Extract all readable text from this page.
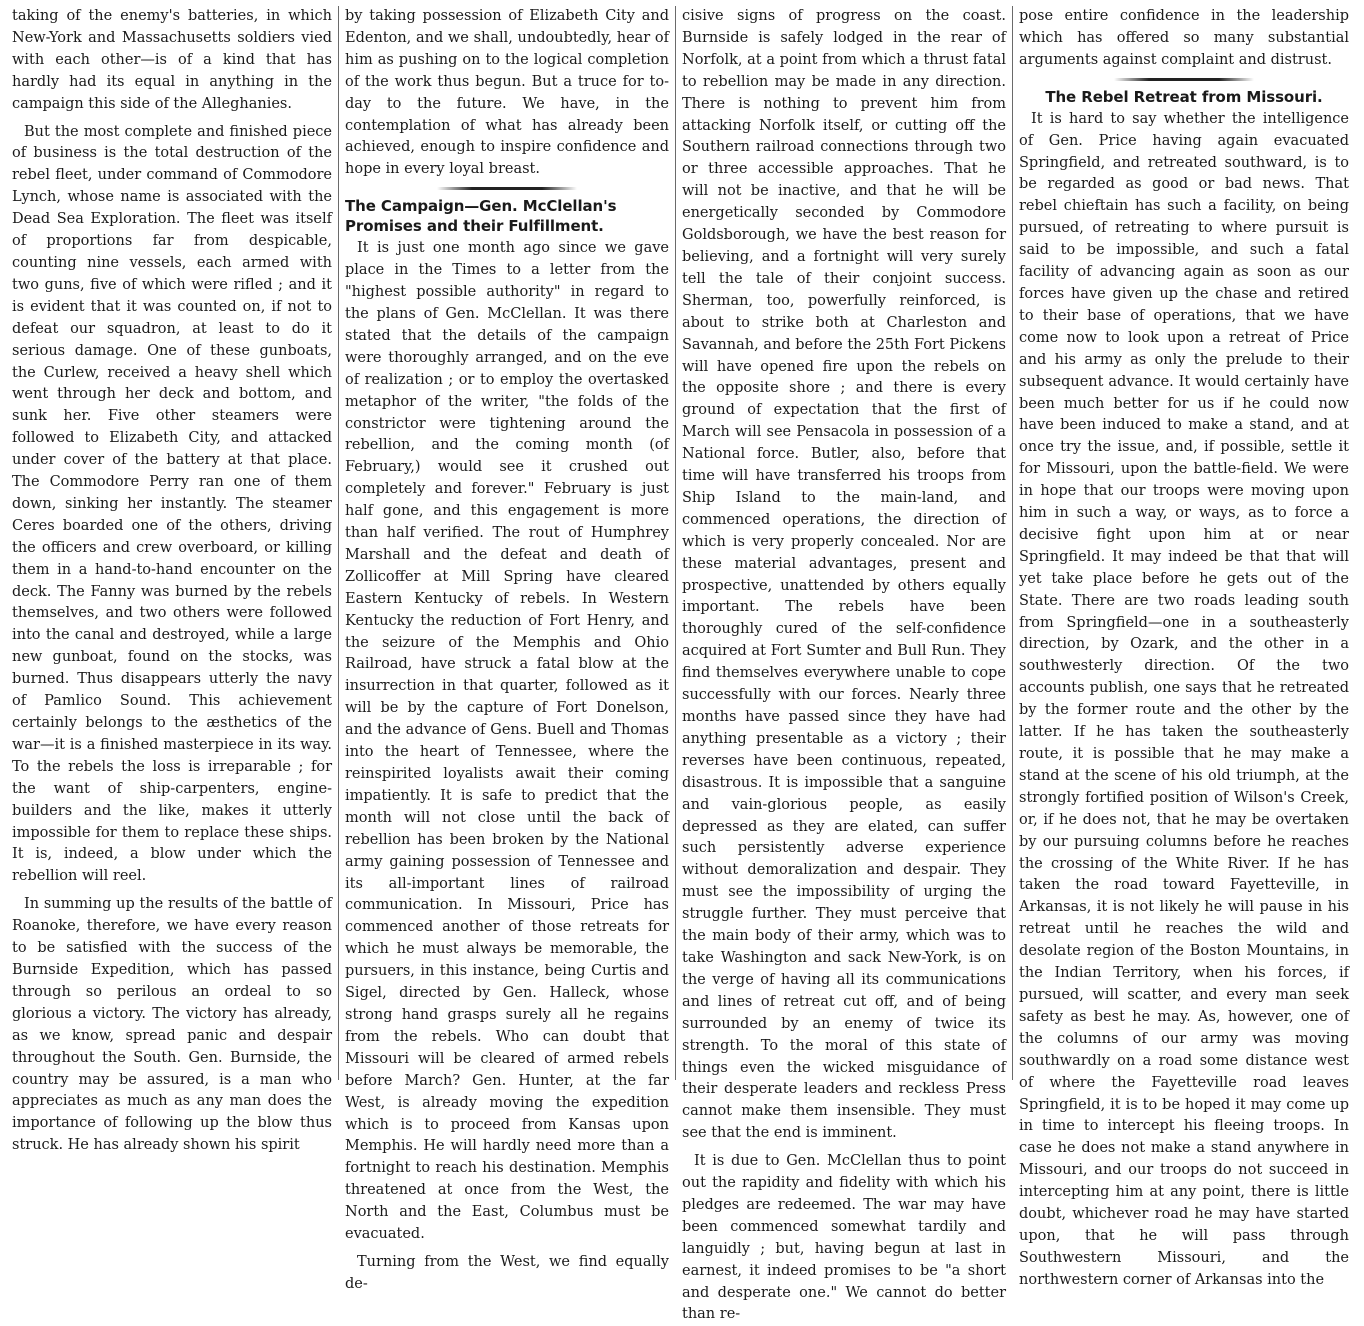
taking of the enemy's batteries, in which New-York and Massachusetts soldiers vied with each other—is of a kind that has hardly had its equal in anything in the campaign this side of the Alleghanies.

But the most complete and finished piece of business is the total destruction of the rebel fleet, under command of Commodore Lynch, whose name is associated with the Dead Sea Exploration. The fleet was itself of proportions far from despicable, counting nine vessels, each armed with two guns, five of which were rifled ; and it is evident that it was counted on, if not to defeat our squadron, at least to do it serious damage. One of these gunboats, the Curlew, received a heavy shell which went through her deck and bottom, and sunk her. Five other steamers were followed to Elizabeth City, and attacked under cover of the battery at that place. The Commodore Perry ran one of them down, sinking her instantly. The steamer Ceres boarded one of the others, driving the officers and crew overboard, or killing them in a hand-to-hand encounter on the deck. The Fanny was burned by the rebels themselves, and two others were followed into the canal and destroyed, while a large new gunboat, found on the stocks, was burned. Thus disappears utterly the navy of Pamlico Sound. This achievement certainly belongs to the æsthetics of the war—it is a finished masterpiece in its way. To the rebels the loss is irreparable ; for the want of ship-carpenters, engine-builders and the like, makes it utterly impossible for them to replace these ships. It is, indeed, a blow under which the rebellion will reel.

In summing up the results of the battle of Roanoke, therefore, we have every reason to be satisfied with the success of the Burnside Expedition, which has passed through so perilous an ordeal to so glorious a victory. The victory has already, as we know, spread panic and despair throughout the South. Gen. Burnside, the country may be assured, is a man who appreciates as much as any man does the importance of following up the blow thus struck. He has already shown his spirit

by taking possession of Elizabeth City and Edenton, and we shall, undoubtedly, hear of him as pushing on to the logical completion of the work thus begun. But a truce for to-day to the future. We have, in the contemplation of what has already been achieved, enough to inspire confidence and hope in every loyal breast.

The Campaign—Gen. McClellan's Promises and their Fulfillment.

It is just one month ago since we gave place in the Times to a letter from the "highest possible authority" in regard to the plans of Gen. McClellan. It was there stated that the details of the campaign were thoroughly arranged, and on the eve of realization ; or to employ the overtasked metaphor of the writer, "the folds of the constrictor were tightening around the rebellion, and the coming month (of February,) would see it crushed out completely and forever." February is just half gone, and this engagement is more than half verified. The rout of Humphrey Marshall and the defeat and death of Zollicoffer at Mill Spring have cleared Eastern Kentucky of rebels. In Western Kentucky the reduction of Fort Henry, and the seizure of the Memphis and Ohio Railroad, have struck a fatal blow at the insurrection in that quarter, followed as it will be by the capture of Fort Donelson, and the advance of Gens. Buell and Thomas into the heart of Tennessee, where the reinspirited loyalists await their coming impatiently. It is safe to predict that the month will not close until the back of rebellion has been broken by the National army gaining possession of Tennessee and its all-important lines of railroad communication. In Missouri, Price has commenced another of those retreats for which he must always be memorable, the pursuers, in this instance, being Curtis and Sigel, directed by Gen. Halleck, whose strong hand grasps surely all he regains from the rebels. Who can doubt that Missouri will be cleared of armed rebels before March? Gen. Hunter, at the far West, is already moving the expedition which is to proceed from Kansas upon Memphis. He will hardly need more than a fortnight to reach his destination. Memphis threatened at once from the West, the North and the East, Columbus must be evacuated.

Turning from the West, we find equally de-

cisive signs of progress on the coast. Burnside is safely lodged in the rear of Norfolk, at a point from which a thrust fatal to rebellion may be made in any direction. There is nothing to prevent him from attacking Norfolk itself, or cutting off the Southern railroad connections through two or three accessible approaches. That he will not be inactive, and that he will be energetically seconded by Commodore Goldsborough, we have the best reason for believing, and a fortnight will very surely tell the tale of their conjoint success. Sherman, too, powerfully reinforced, is about to strike both at Charleston and Savannah, and before the 25th Fort Pickens will have opened fire upon the rebels on the opposite shore ; and there is every ground of expectation that the first of March will see Pensacola in possession of a National force. Butler, also, before that time will have transferred his troops from Ship Island to the main-land, and commenced operations, the direction of which is very properly concealed. Nor are these material advantages, present and prospective, unattended by others equally important. The rebels have been thoroughly cured of the self-confidence acquired at Fort Sumter and Bull Run. They find themselves everywhere unable to cope successfully with our forces. Nearly three months have passed since they have had anything presentable as a victory ; their reverses have been continuous, repeated, disastrous. It is impossible that a sanguine and vain-glorious people, as easily depressed as they are elated, can suffer such persistently adverse experience without demoralization and despair. They must see the impossibility of urging the struggle further. They must perceive that the main body of their army, which was to take Washington and sack New-York, is on the verge of having all its communications and lines of retreat cut off, and of being surrounded by an enemy of twice its strength. To the moral of this state of things even the wicked misguidance of their desperate leaders and reckless Press cannot make them insensible. They must see that the end is imminent.

It is due to Gen. McClellan thus to point out the rapidity and fidelity with which his pledges are redeemed. The war may have been commenced somewhat tardily and languidly ; but, having begun at last in earnest, it indeed promises to be "a short and desperate one." We cannot do better than re-

pose entire confidence in the leadership which has offered so many substantial arguments against complaint and distrust.

The Rebel Retreat from Missouri.

It is hard to say whether the intelligence of Gen. Price having again evacuated Springfield, and retreated southward, is to be regarded as good or bad news. That rebel chieftain has such a facility, on being pursued, of retreating to where pursuit is said to be impossible, and such a fatal facility of advancing again as soon as our forces have given up the chase and retired to their base of operations, that we have come now to look upon a retreat of Price and his army as only the prelude to their subsequent advance. It would certainly have been much better for us if he could now have been induced to make a stand, and at once try the issue, and, if possible, settle it for Missouri, upon the battle-field. We were in hope that our troops were moving upon him in such a way, or ways, as to force a decisive fight upon him at or near Springfield. It may indeed be that that will yet take place before he gets out of the State. There are two roads leading south from Springfield—one in a southeasterly direction, by Ozark, and the other in a southwesterly direction. Of the two accounts publish, one says that he retreated by the former route and the other by the latter. If he has taken the southeasterly route, it is possible that he may make a stand at the scene of his old triumph, at the strongly fortified position of Wilson's Creek, or, if he does not, that he may be overtaken by our pursuing columns before he reaches the crossing of the White River. If he has taken the road toward Fayetteville, in Arkansas, it is not likely he will pause in his retreat until he reaches the wild and desolate region of the Boston Mountains, in the Indian Territory, when his forces, if pursued, will scatter, and every man seek safety as best he may. As, however, one of the columns of our army was moving southwardly on a road some distance west of where the Fayetteville road leaves Springfield, it is to be hoped it may come up in time to intercept his fleeing troops. In case he does not make a stand anywhere in Missouri, and our troops do not succeed in intercepting him at any point, there is little doubt, whichever road he may have started upon, that he will pass through Southwestern Missouri, and the northwestern corner of Arkansas into the
